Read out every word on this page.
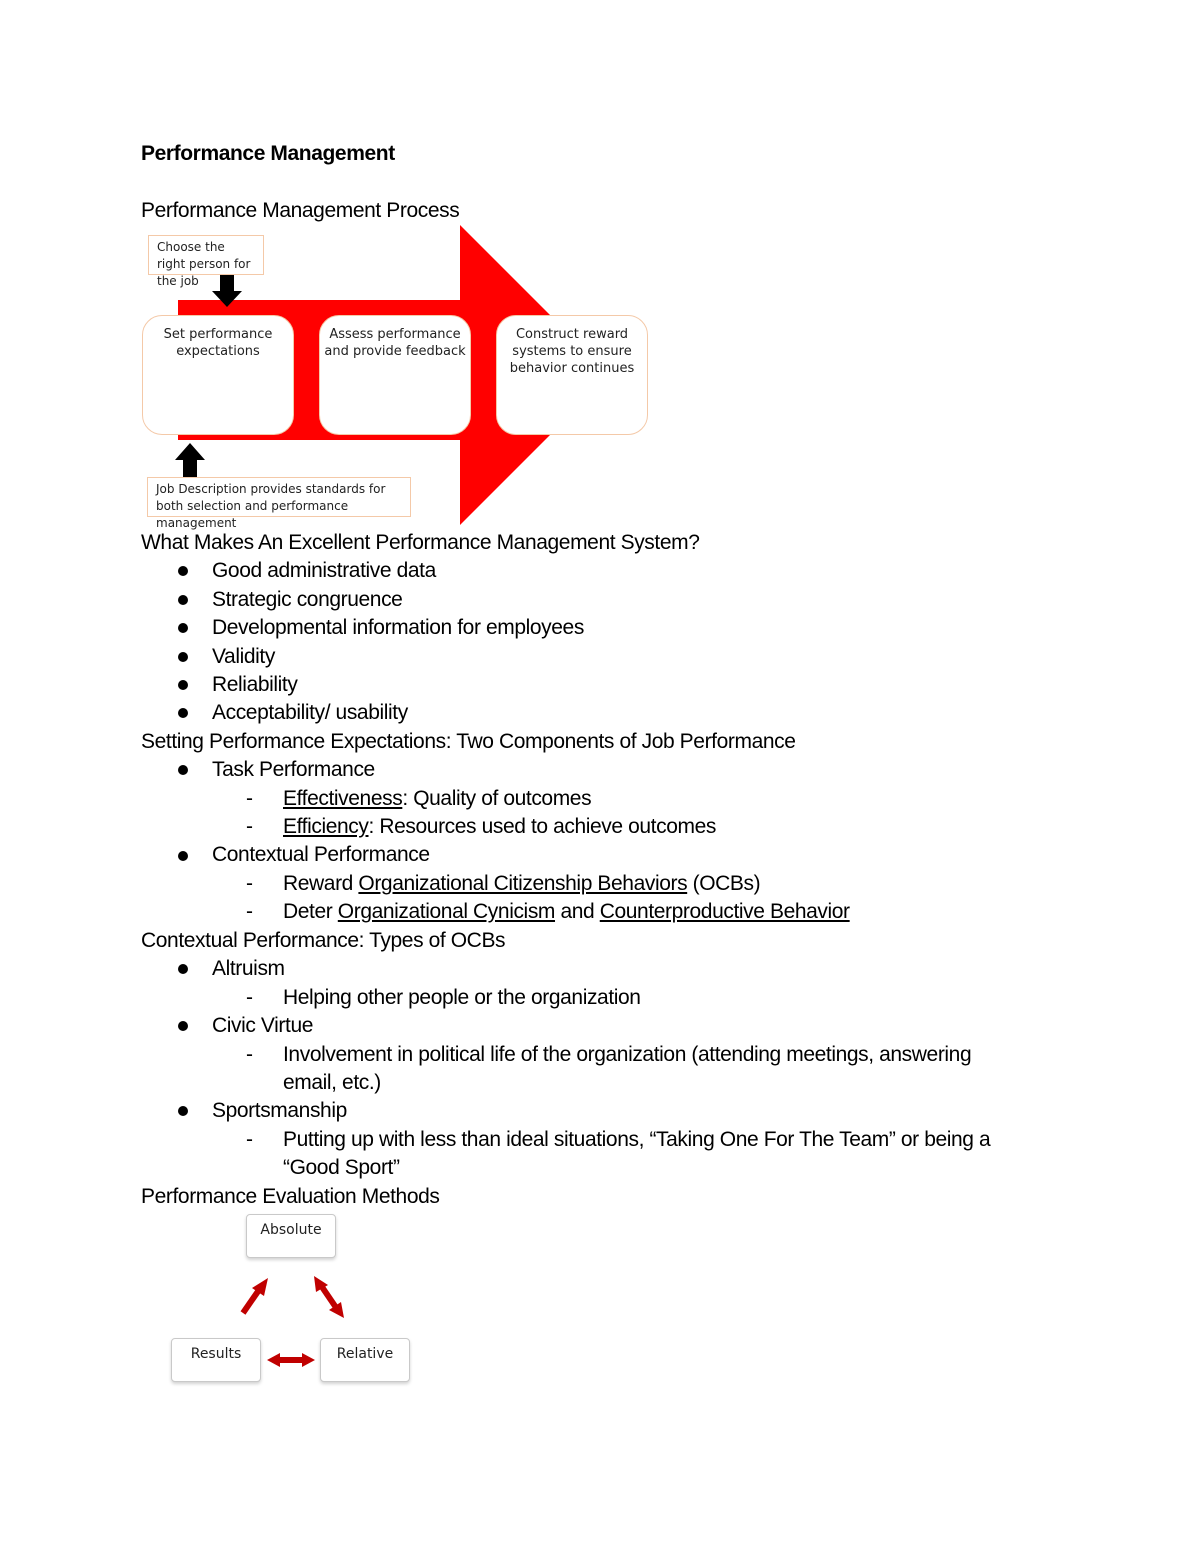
Performance Management
Performance Management Process
Choose the right person for the job
Set performance expectations
Assess performance and provide feedback
Construct reward systems to ensure behavior continues
Job Description provides standards for both selection and performance management
What Makes An Excellent Performance Management System?
Good administrative data
Strategic congruence
Developmental information for employees
Validity
Reliability
Acceptability/ usability
Setting Performance Expectations: Two Components of Job Performance
Task Performance
- Effectiveness: Quality of outcomes
- Efficiency: Resources used to achieve outcomes
Contextual Performance
- Reward Organizational Citizenship Behaviors (OCBs)
- Deter Organizational Cynicism and Counterproductive Behavior
Contextual Performance: Types of OCBs
Altruism
- Helping other people or the organization
Civic Virtue
- Involvement in political life of the organization (attending meetings, answering
email, etc.)
Sportsmanship
- Putting up with less than ideal situations, “Taking One For The Team” or being a
“Good Sport”
Performance Evaluation Methods
Absolute
Results	Relative
